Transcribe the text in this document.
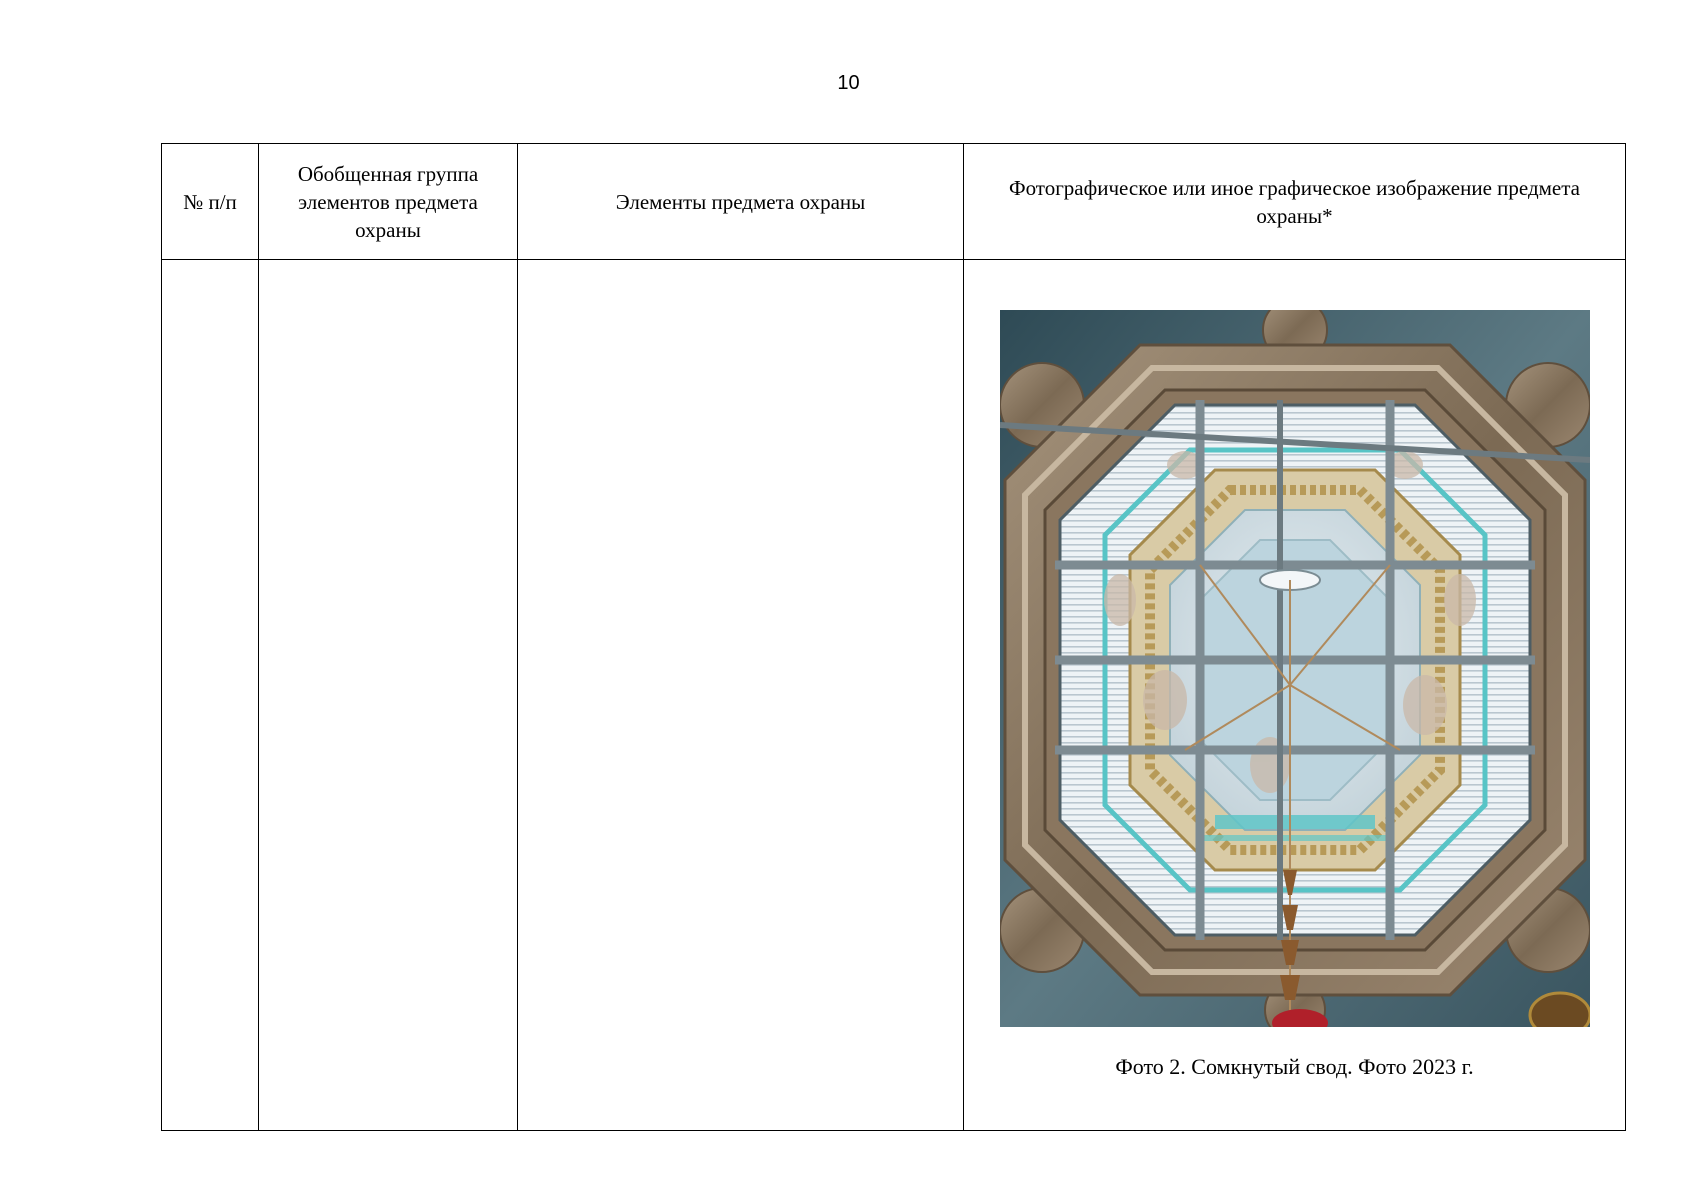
10
№ п/п	Обобщенная группа элементов предмета охраны	Элементы предмета охраны	Фотографическое или иное графическое изображение предмета охраны*

			Фото 2. Сомкнутый свод. Фото 2023 г.
